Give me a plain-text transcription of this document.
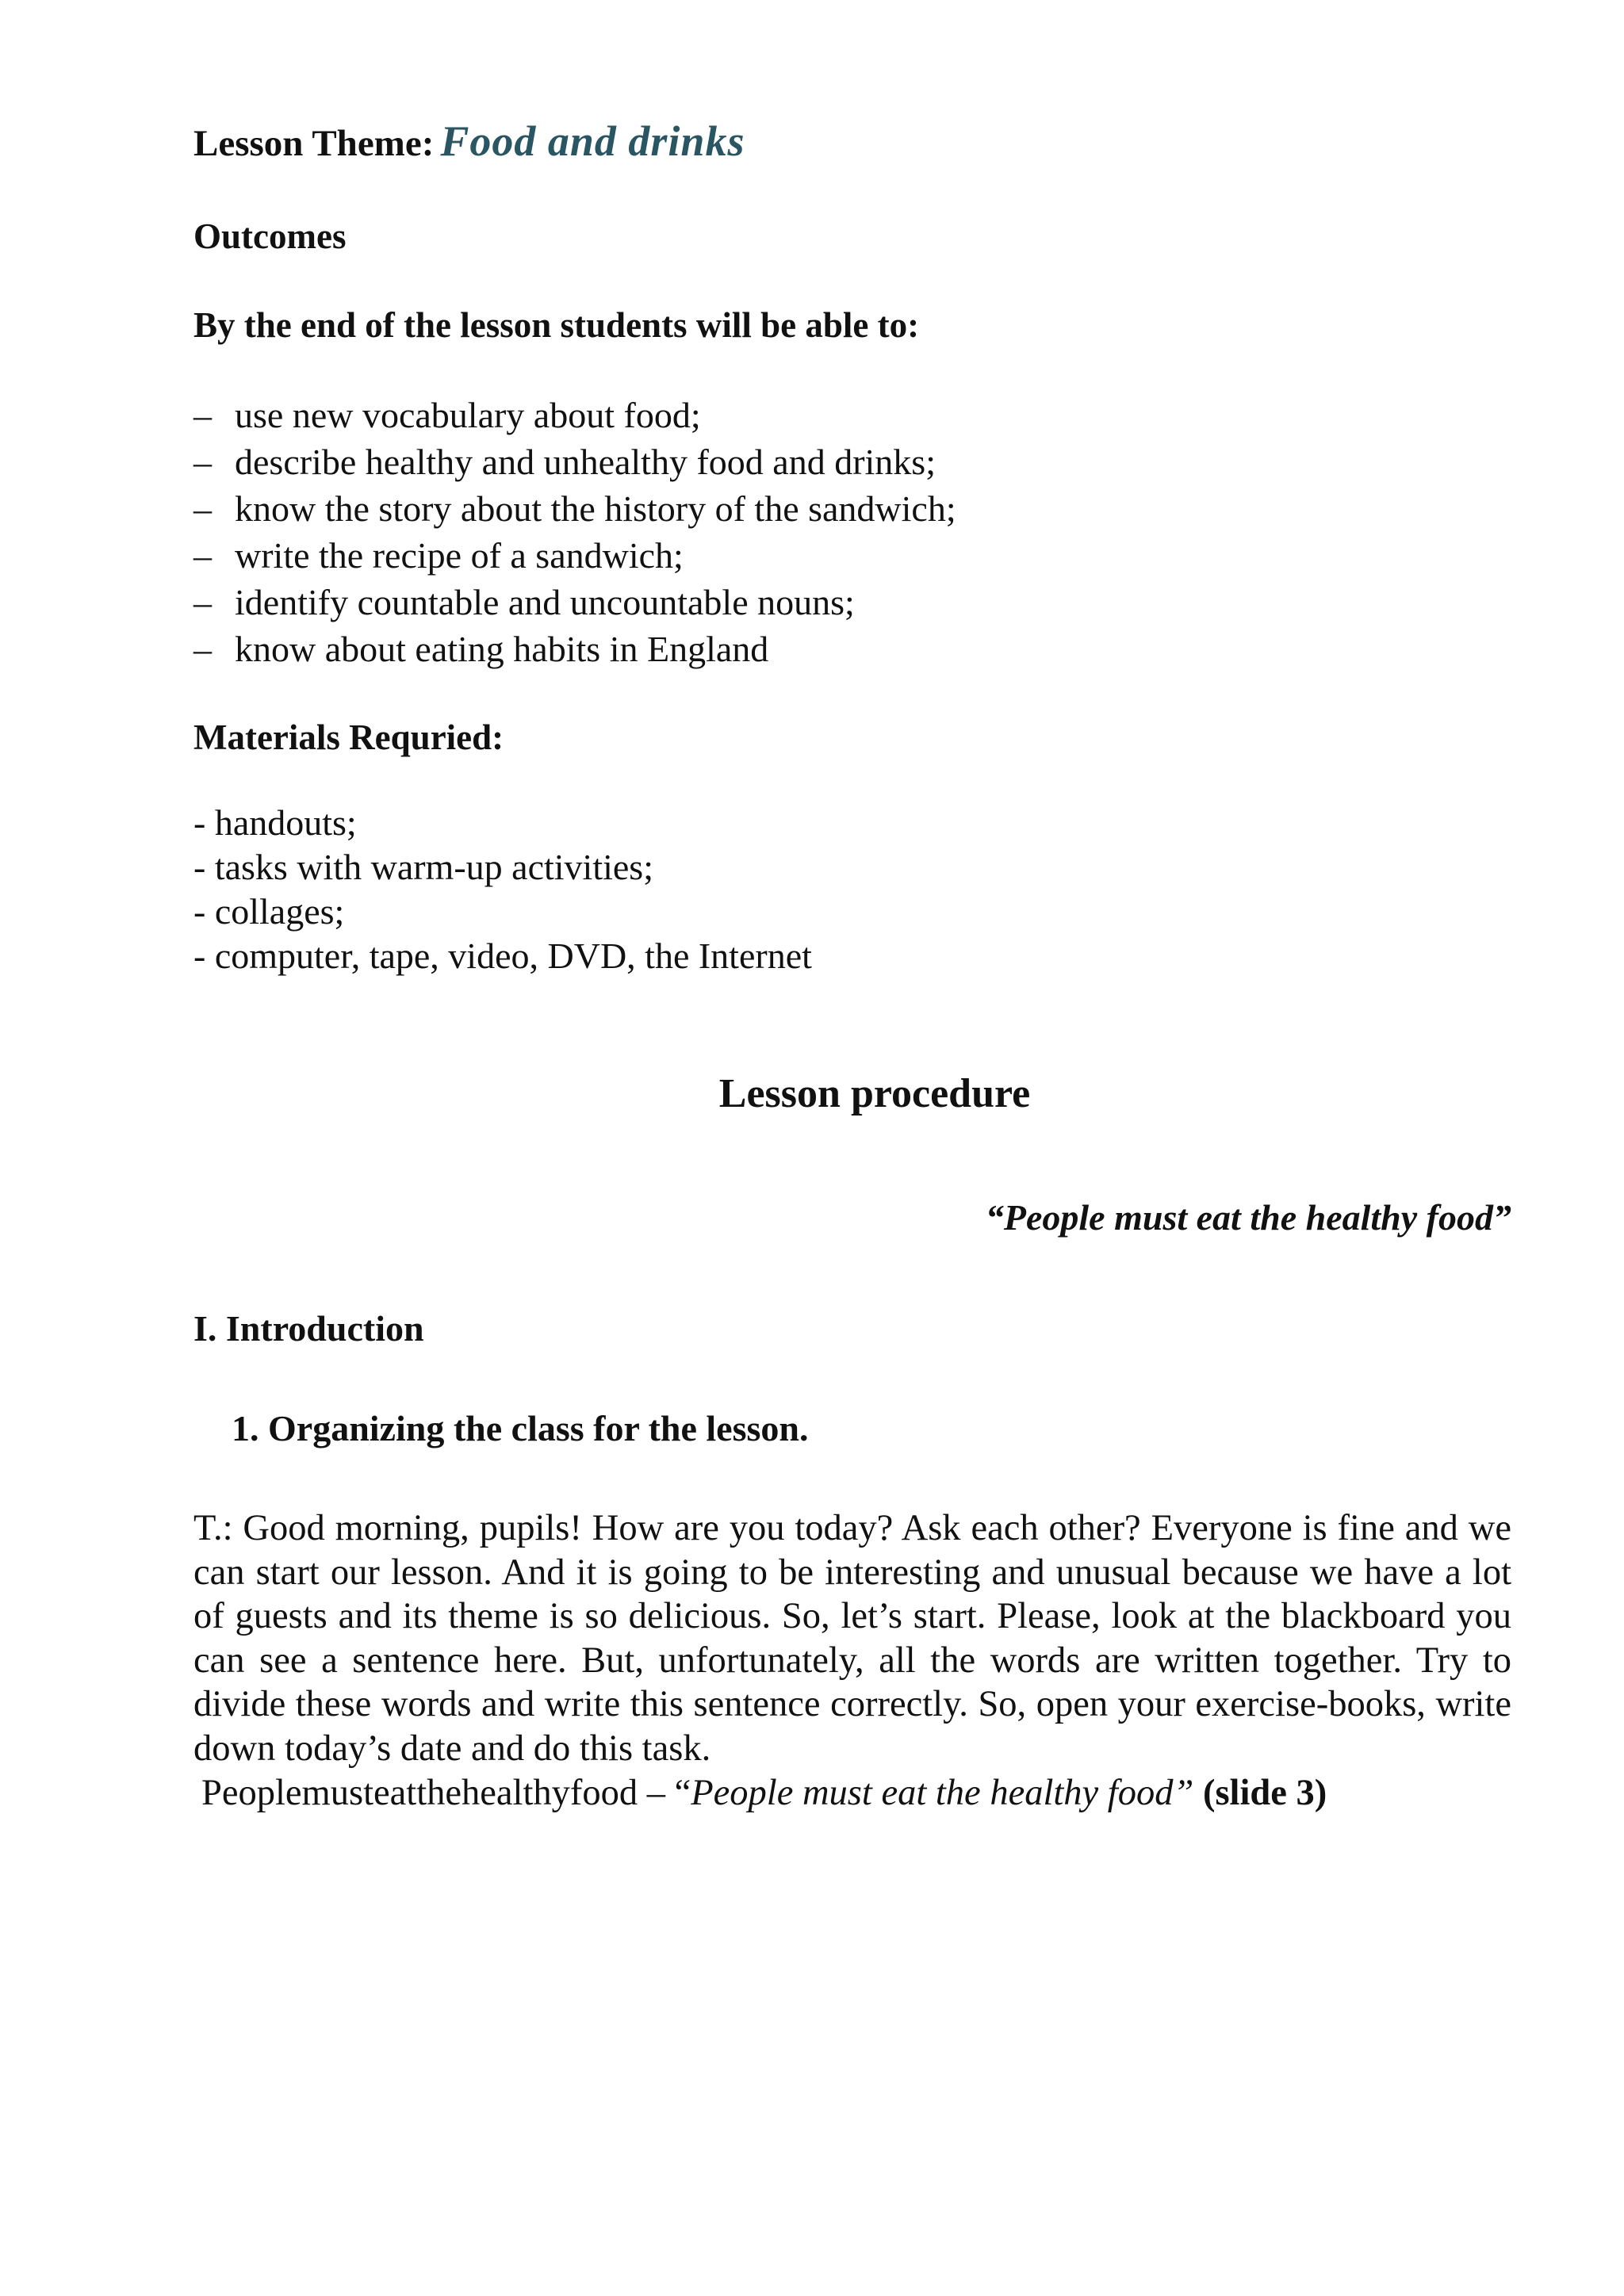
Lesson Theme: Food and drinks
Outcomes
By the end of the lesson students will be able to:
– use new vocabulary about food;
– describe healthy and unhealthy food and drinks;
– know the story about the history of the sandwich;
– write the recipe of a sandwich;
– identify countable and uncountable nouns;
– know about eating habits in England
Materials Requried:
- handouts;
- tasks with warm-up activities;
- collages;
- computer, tape, video, DVD, the Internet
Lesson procedure
“People must eat the healthy food”
I. Introduction
1. Organizing the class for the lesson.
T.: Good morning, pupils! How are you today? Ask each other? Everyone is fine and we can start our lesson. And it is going to be interesting and unusual because we have a lot of guests and its theme is so delicious. So, let’s start. Please, look at the blackboard you can see a sentence here. But, unfortunately, all the words are written together. Try to divide these words and write this sentence correctly. So, open your exercise-books, write down today’s date and do this task.
Peoplemusteatthehealthyfood – “People must eat the healthy food” (slide 3)
